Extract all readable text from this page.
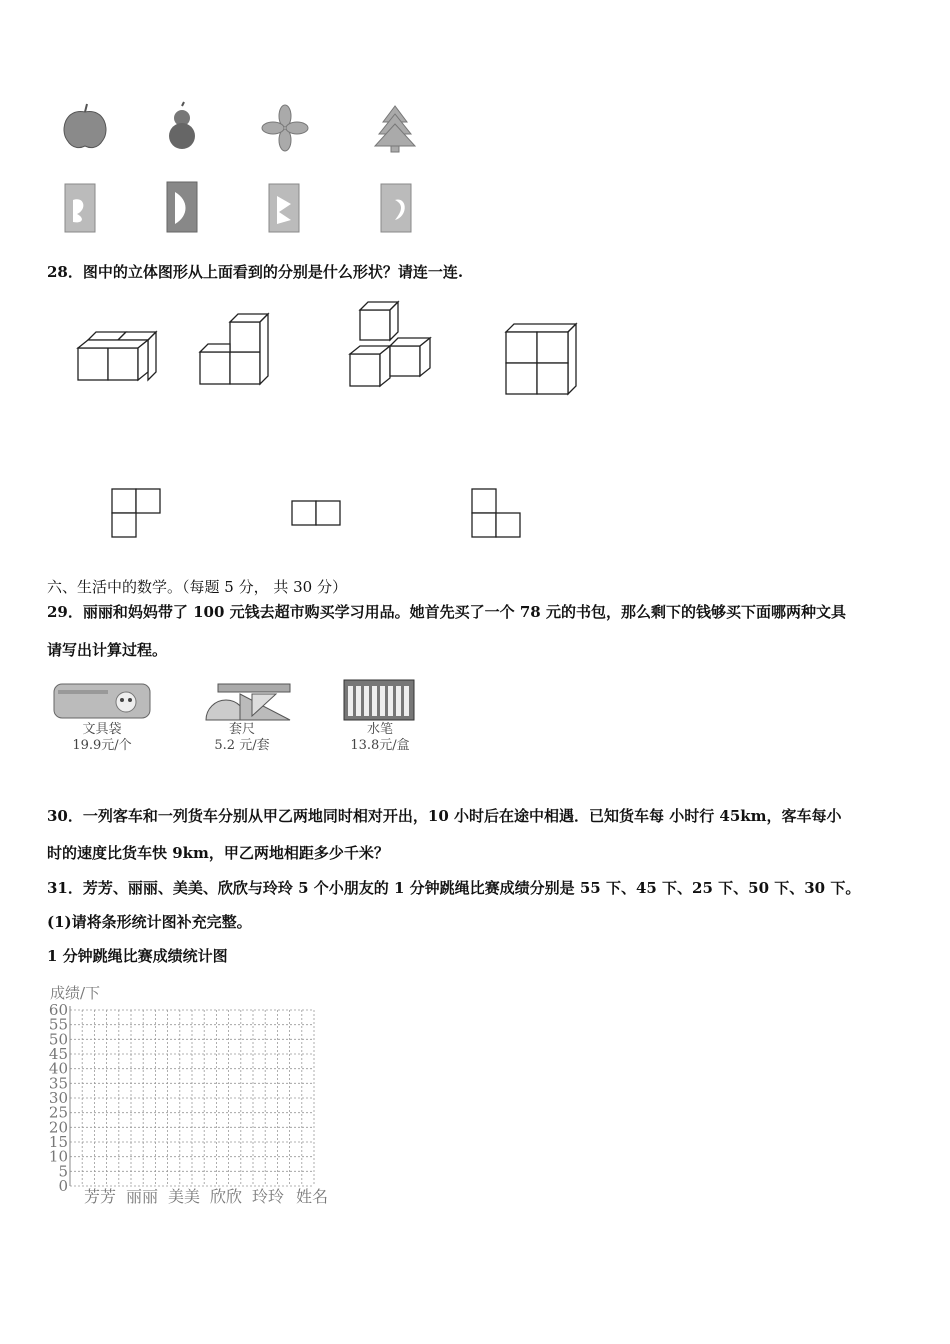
28．图中的立体图形从上面看到的分别是什么形状？请连一连.
六、生活中的数学。（每题 5 分， 共 30 分）
29．丽丽和妈妈带了 100 元钱去超市购买学习用品。她首先买了一个 78 元的书包，那么剩下的钱够买下面哪两种文具
请写出计算过程。
文具袋
19.9元/个
套尺
5.2 元/套
水笔
13.8元/盒
30．一列客车和一列货车分别从甲乙两地同时相对开出，10 小时后在途中相遇．已知货车每 小时行 45km，客车每小
时的速度比货车快 9km，甲乙两地相距多少千米？
31．芳芳、丽丽、美美、欣欣与玲玲 5 个小朋友的 1 分钟跳绳比赛成绩分别是 55 下、45 下、25 下、50 下、30 下。
(1)请将条形统计图补充完整。
1 分钟跳绳比赛成绩统计图
成绩/下
0
5
10
15
20
25
30
35
40
45
50
55
60
芳芳 丽丽 美美 欣欣 玲玲 姓名
